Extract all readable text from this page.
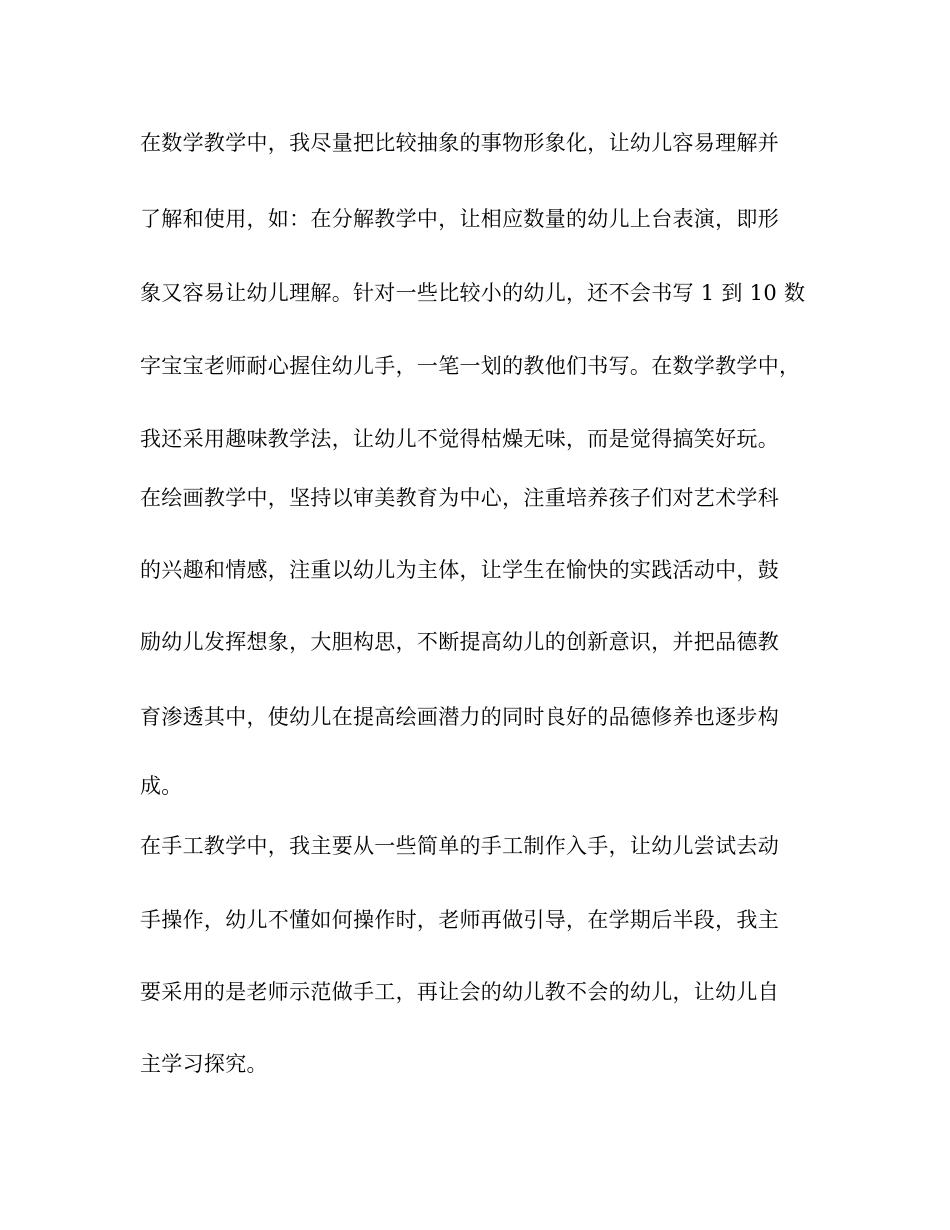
在数学教学中，我尽量把比较抽象的事物形象化，让幼儿容易理解并
了解和使用，如：在分解教学中，让相应数量的幼儿上台表演，即形
象又容易让幼儿理解。针对一些比较小的幼儿，还不会书写 1 到 10 数
字宝宝老师耐心握住幼儿手，一笔一划的教他们书写。在数学教学中，
我还采用趣味教学法，让幼儿不觉得枯燥无味，而是觉得搞笑好玩。
在绘画教学中，坚持以审美教育为中心，注重培养孩子们对艺术学科
的兴趣和情感，注重以幼儿为主体，让学生在愉快的实践活动中，鼓
励幼儿发挥想象，大胆构思，不断提高幼儿的创新意识，并把品德教
育渗透其中，使幼儿在提高绘画潜力的同时良好的品德修养也逐步构
成。
在手工教学中，我主要从一些简单的手工制作入手，让幼儿尝试去动
手操作，幼儿不懂如何操作时，老师再做引导，在学期后半段，我主
要采用的是老师示范做手工，再让会的幼儿教不会的幼儿，让幼儿自
主学习探究。
